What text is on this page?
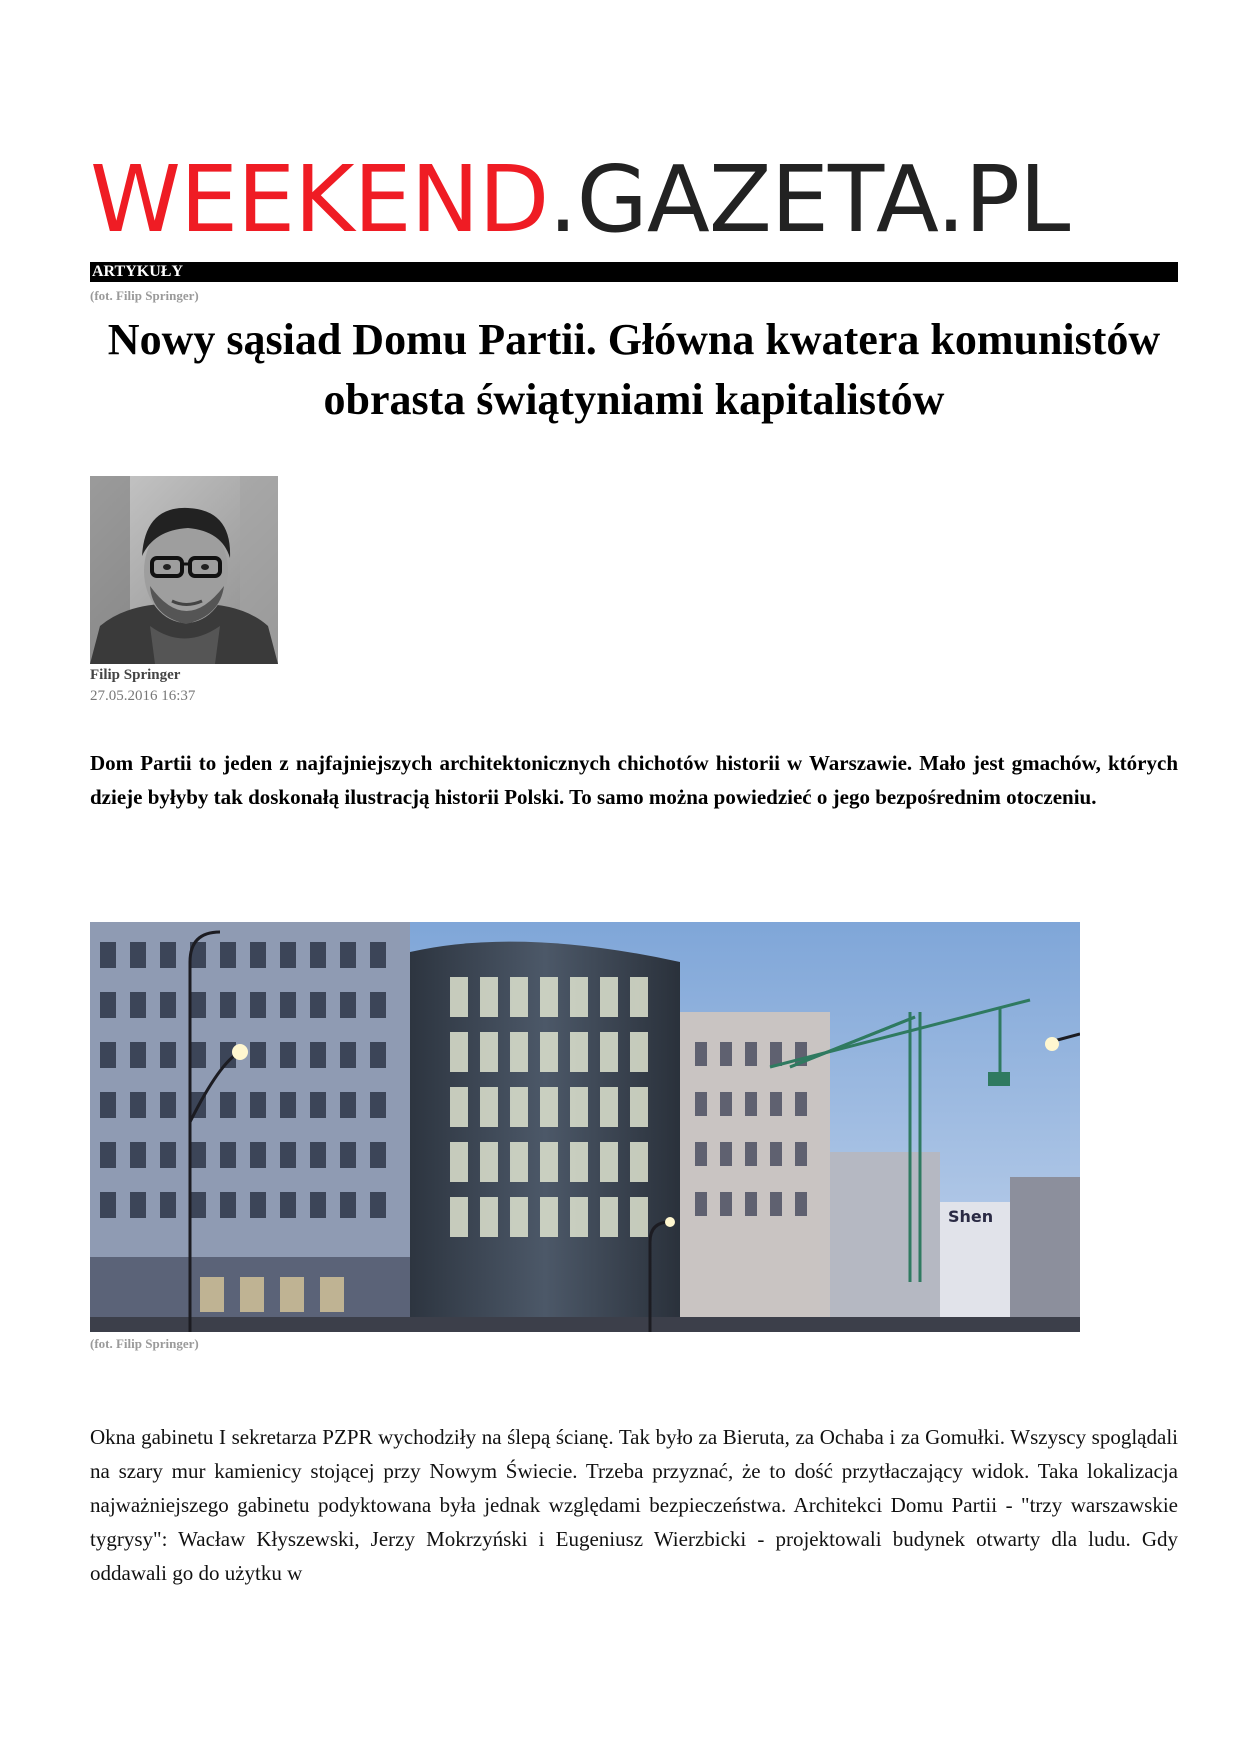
WEEKEND.GAZETA.PL
ARTYKUŁY
(fot. Filip Springer)
Nowy sąsiad Domu Partii. Główna kwatera komunistów obrasta świątyniami kapitalistów
Filip Springer
27.05.2016 16:37

Dom Partii to jeden z najfajniejszych architektonicznych chichotów historii w Warszawie. Mało jest gmachów, których dzieje byłyby tak doskonałą ilustracją historii Polski. To samo można powiedzieć o jego bezpośrednim otoczeniu.

Shen
(fot. Filip Springer)

Okna gabinetu I sekretarza PZPR wychodziły na ślepą ścianę. Tak było za Bieruta, za Ochaba i za Gomułki. Wszyscy spoglądali na szary mur kamienicy stojącej przy Nowym Świecie. Trzeba przyznać, że to dość przytłaczający widok. Taka lokalizacja najważniejszego gabinetu podyktowana była jednak względami bezpieczeństwa. Architekci Domu Partii - "trzy warszawskie tygrysy": Wacław Kłyszewski, Jerzy Mokrzyński i Eugeniusz Wierzbicki - projektowali budynek otwarty dla ludu. Gdy oddawali go do użytku w
